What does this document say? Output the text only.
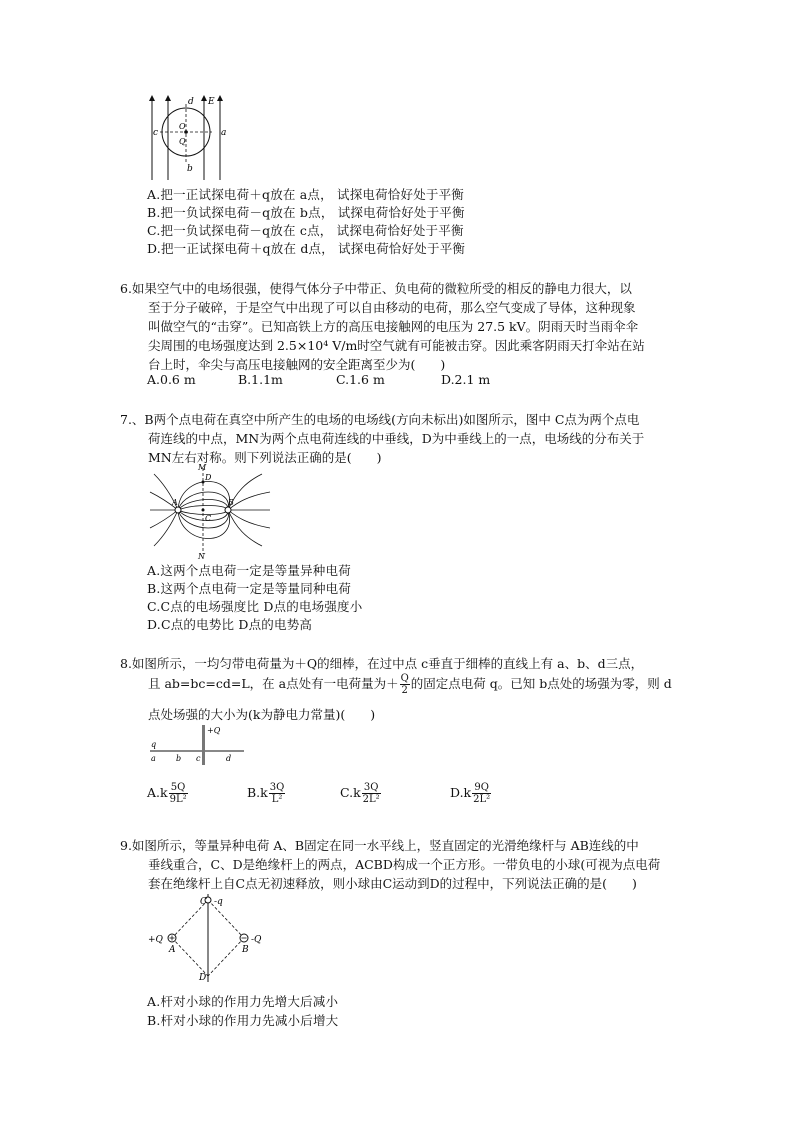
d E
O
Q
c	a
b
A.把一正试探电荷＋q放在 a点， 试探电荷恰好处于平衡
B.把一负试探电荷－q放在 b点， 试探电荷恰好处于平衡
C.把一负试探电荷－q放在 c点， 试探电荷恰好处于平衡
D.把一正试探电荷＋q放在 d点， 试探电荷恰好处于平衡
6.如果空气中的电场很强，使得气体分子中带正、负电荷的微粒所受的相反的静电力很大，以

至于分子破碎，于是空气中出现了可以自由移动的电荷，那么空气变成了导体，这种现象
叫做空气的“击穿”。已知高铁上方的高压电接触网的电压为 27.5 kV。阴雨天时当雨伞伞
尖周围的电场强度达到 2.5×10⁴ V/m时空气就有可能被击穿。因此乘客阴雨天打伞站在站
台上时，伞尖与高压电接触网的安全距离至少为(　　)
A.0.6 m	B.1.1m	C.1.6 m	D.2.1 m
7.、B两个点电荷在真空中所产生的电场的电场线(方向未标出)如图所示，图中 C点为两个点电

荷连线的中点，MN为两个点电荷连线的中垂线，D为中垂线上的一点，电场线的分布关于
MN左右对称。则下列说法正确的是(　　)
M
D
A	B
C
N
A.这两个点电荷一定是等量异种电荷
B.这两个点电荷一定是等量同种电荷
C.C点的电场强度比 D点的电场强度小
D.C点的电势比 D点的电势高
8.如图所示，一均匀带电荷量为＋Q的细棒，在过中点 c垂直于细棒的直线上有 a、b、d三点，
且 ab=bc=cd=L，在 a点处有一电荷量为＋ $\frac{Q}{2}$ 的固定点电荷 q。已知 b点处的场强为零，则 d
点处场强的大小为(k为静电力常量)(　　)
+Q
q
a	b c	d
$A.k \frac{5Q}{\text{9L²}}$	$B.k \frac{3Q}{\text{L²}}$	$C.k \frac{3Q}{\text{2L²}}$	$D.k \frac{9Q}{\text{2L²}}$
9.如图所示，等量异种电荷 A、B固定在同一水平线上，竖直固定的光滑绝缘杆与 AB连线的中

垂线重合，C、D是绝缘杆上的两点，ACBD构成一个正方形。一带负电的小球(可视为点电荷
套在绝缘杆上自C点无初速释放，则小球由C运动到D的过程中，下列说法正确的是(　　)
C -q
+Q
A	B
-Q
D
A.杆对小球的作用力先增大后减小
B.杆对小球的作用力先减小后增大
